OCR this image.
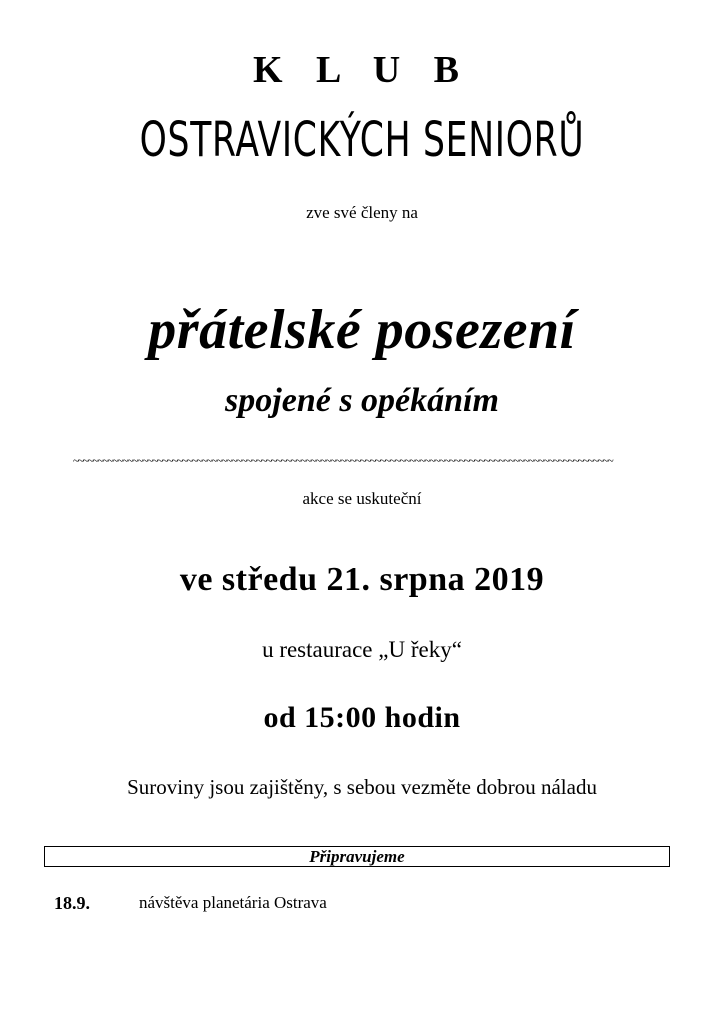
K L U B
OSTRAVICKÝCH SENIORŮ
zve své členy na
přátelské posezení
spojené s opékáním
~~~~~~~~~~~~~~~~~~~~~~~~~~~~~~~~~~~~~~~~~~~~~~~~~~~~~~~~~~~~~~~~~~~~~~~~~~~~~~~~~~~~~~~~~~~~~~~~~~~~~~~~~~~~~
akce se uskuteční
ve středu 21. srpna 2019
u restaurace „U řeky“
od 15:00 hodin
Suroviny jsou zajištěny, s sebou vezměte dobrou náladu
Připravujeme
18.9.	návštěva planetária Ostrava
